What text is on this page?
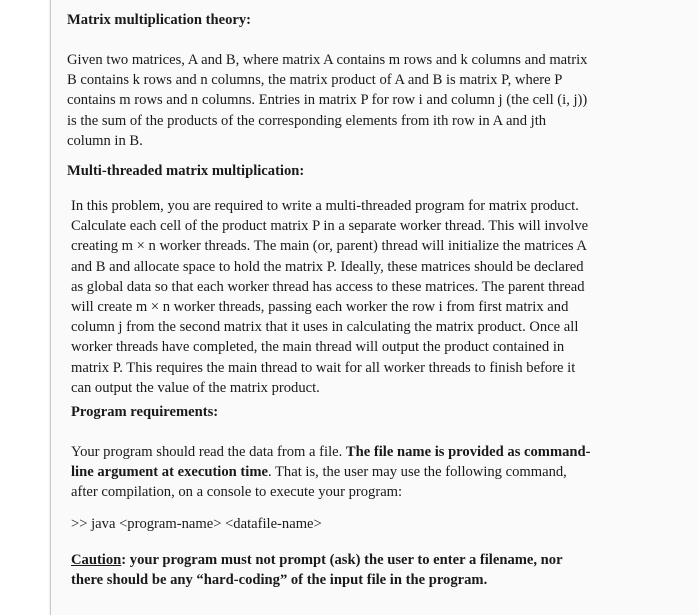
Matrix multiplication theory:
Given two matrices, A and B, where matrix A contains m rows and k columns and matrix
B contains k rows and n columns, the matrix product of A and B is matrix P, where P
contains m rows and n columns. Entries in matrix P for row i and column j (the cell (i, j))
is the sum of the products of the corresponding elements from ith row in A and jth
column in B.
Multi-threaded matrix multiplication:
In this problem, you are required to write a multi-threaded program for matrix product.
Calculate each cell of the product matrix P in a separate worker thread. This will involve
creating m × n worker threads. The main (or, parent) thread will initialize the matrices A
and B and allocate space to hold the matrix P. Ideally, these matrices should be declared
as global data so that each worker thread has access to these matrices. The parent thread
will create m × n worker threads, passing each worker the row i from first matrix and
column j from the second matrix that it uses in calculating the matrix product. Once all
worker threads have completed, the main thread will output the product contained in
matrix P. This requires the main thread to wait for all worker threads to finish before it
can output the value of the matrix product.
Program requirements:
Your program should read the data from a file. The file name is provided as command-
line argument at execution time. That is, the user may use the following command,
after compilation, on a console to execute your program:
>> java <program-name> <datafile-name>
Caution: your program must not prompt (ask) the user to enter a filename, nor
there should be any “hard-coding” of the input file in the program.
